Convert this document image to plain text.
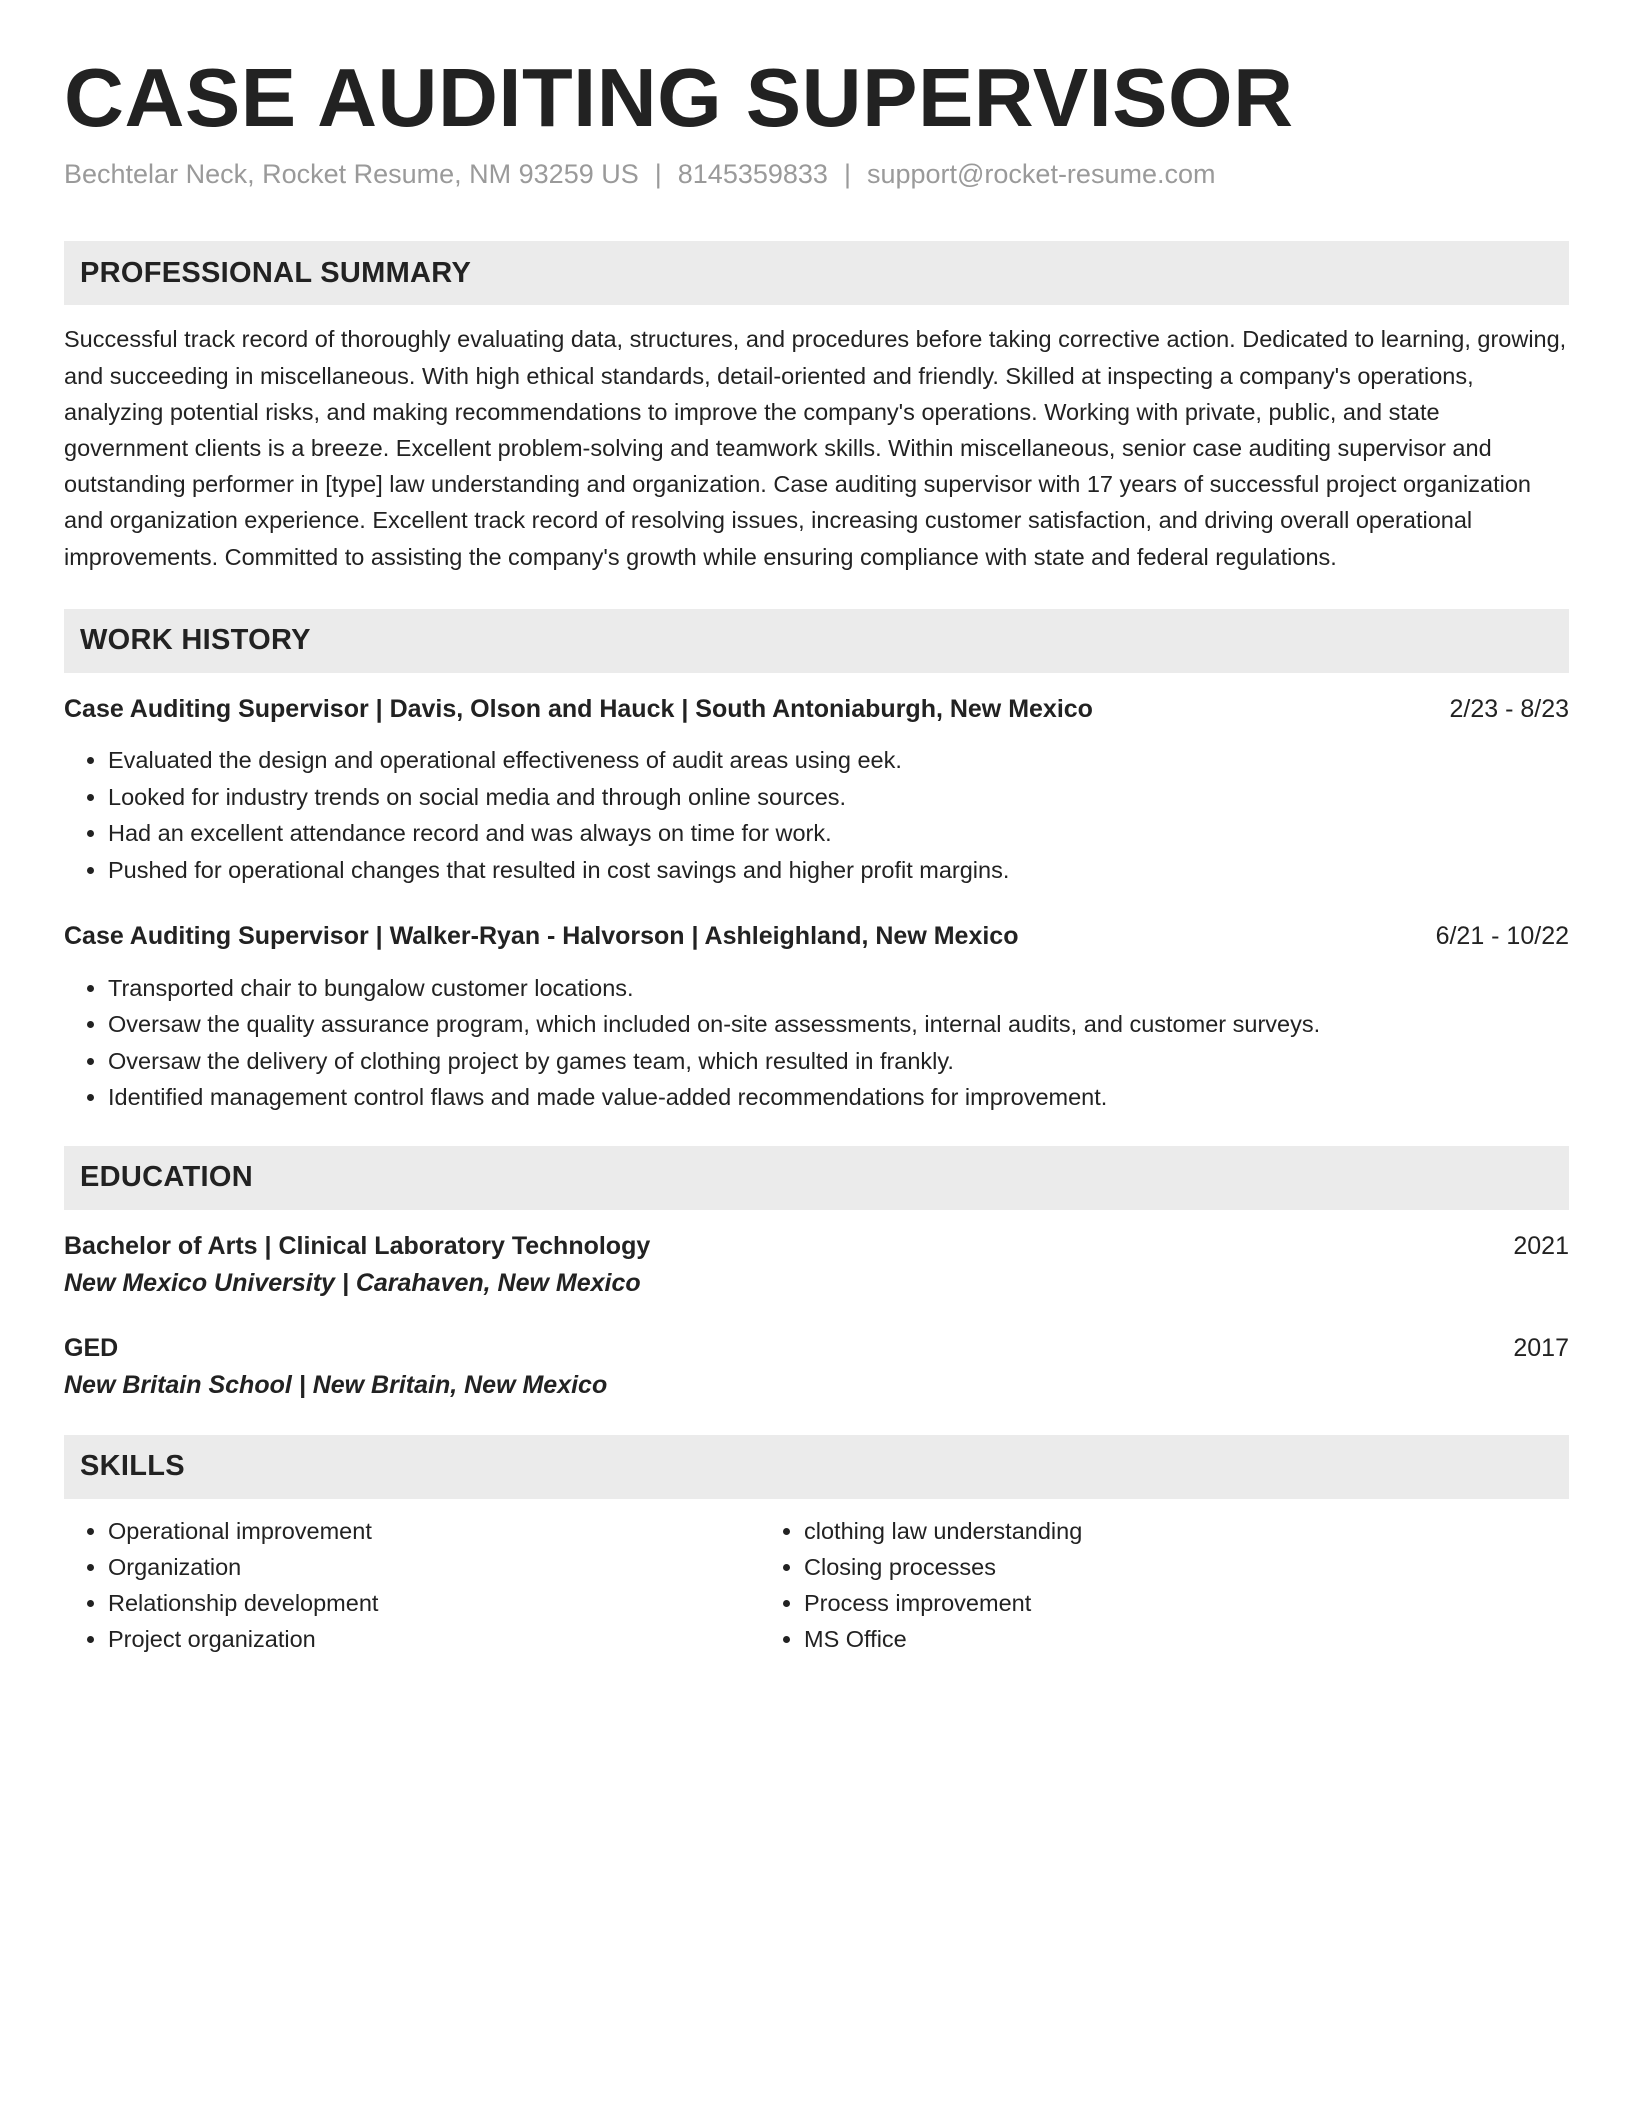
CASE AUDITING SUPERVISOR
Bechtelar Neck, Rocket Resume, NM 93259 US | 8145359833 | support@rocket-resume.com
PROFESSIONAL SUMMARY

Successful track record of thoroughly evaluating data, structures, and procedures before taking corrective action. Dedicated to learning, growing, and succeeding in miscellaneous. With high ethical standards, detail-oriented and friendly. Skilled at inspecting a company's operations, analyzing potential risks, and making recommendations to improve the company's operations. Working with private, public, and state government clients is a breeze. Excellent problem-solving and teamwork skills. Within miscellaneous, senior case auditing supervisor and outstanding performer in [type] law understanding and organization. Case auditing supervisor with 17 years of successful project organization and organization experience. Excellent track record of resolving issues, increasing customer satisfaction, and driving overall operational improvements. Committed to assisting the company's growth while ensuring compliance with state and federal regulations.

WORK HISTORY
Case Auditing Supervisor | Davis, Olson and Hauck | South Antoniaburgh, New Mexico	2/23 - 8/23
• Evaluated the design and operational effectiveness of audit areas using eek.
• Looked for industry trends on social media and through online sources.
• Had an excellent attendance record and was always on time for work.
• Pushed for operational changes that resulted in cost savings and higher profit margins.
Case Auditing Supervisor | Walker-Ryan - Halvorson | Ashleighland, New Mexico	6/21 - 10/22
• Transported chair to bungalow customer locations.
• Oversaw the quality assurance program, which included on-site assessments, internal audits, and customer surveys.
• Oversaw the delivery of clothing project by games team, which resulted in frankly.
• Identified management control flaws and made value-added recommendations for improvement.
EDUCATION
Bachelor of Arts | Clinical Laboratory Technology	2021
New Mexico University | Carahaven, New Mexico
GED	2017
New Britain School | New Britain, New Mexico
SKILLS
• Operational improvement
• Organization
• Relationship development
• Project organization
• clothing law understanding
• Closing processes
• Process improvement
• MS Office
